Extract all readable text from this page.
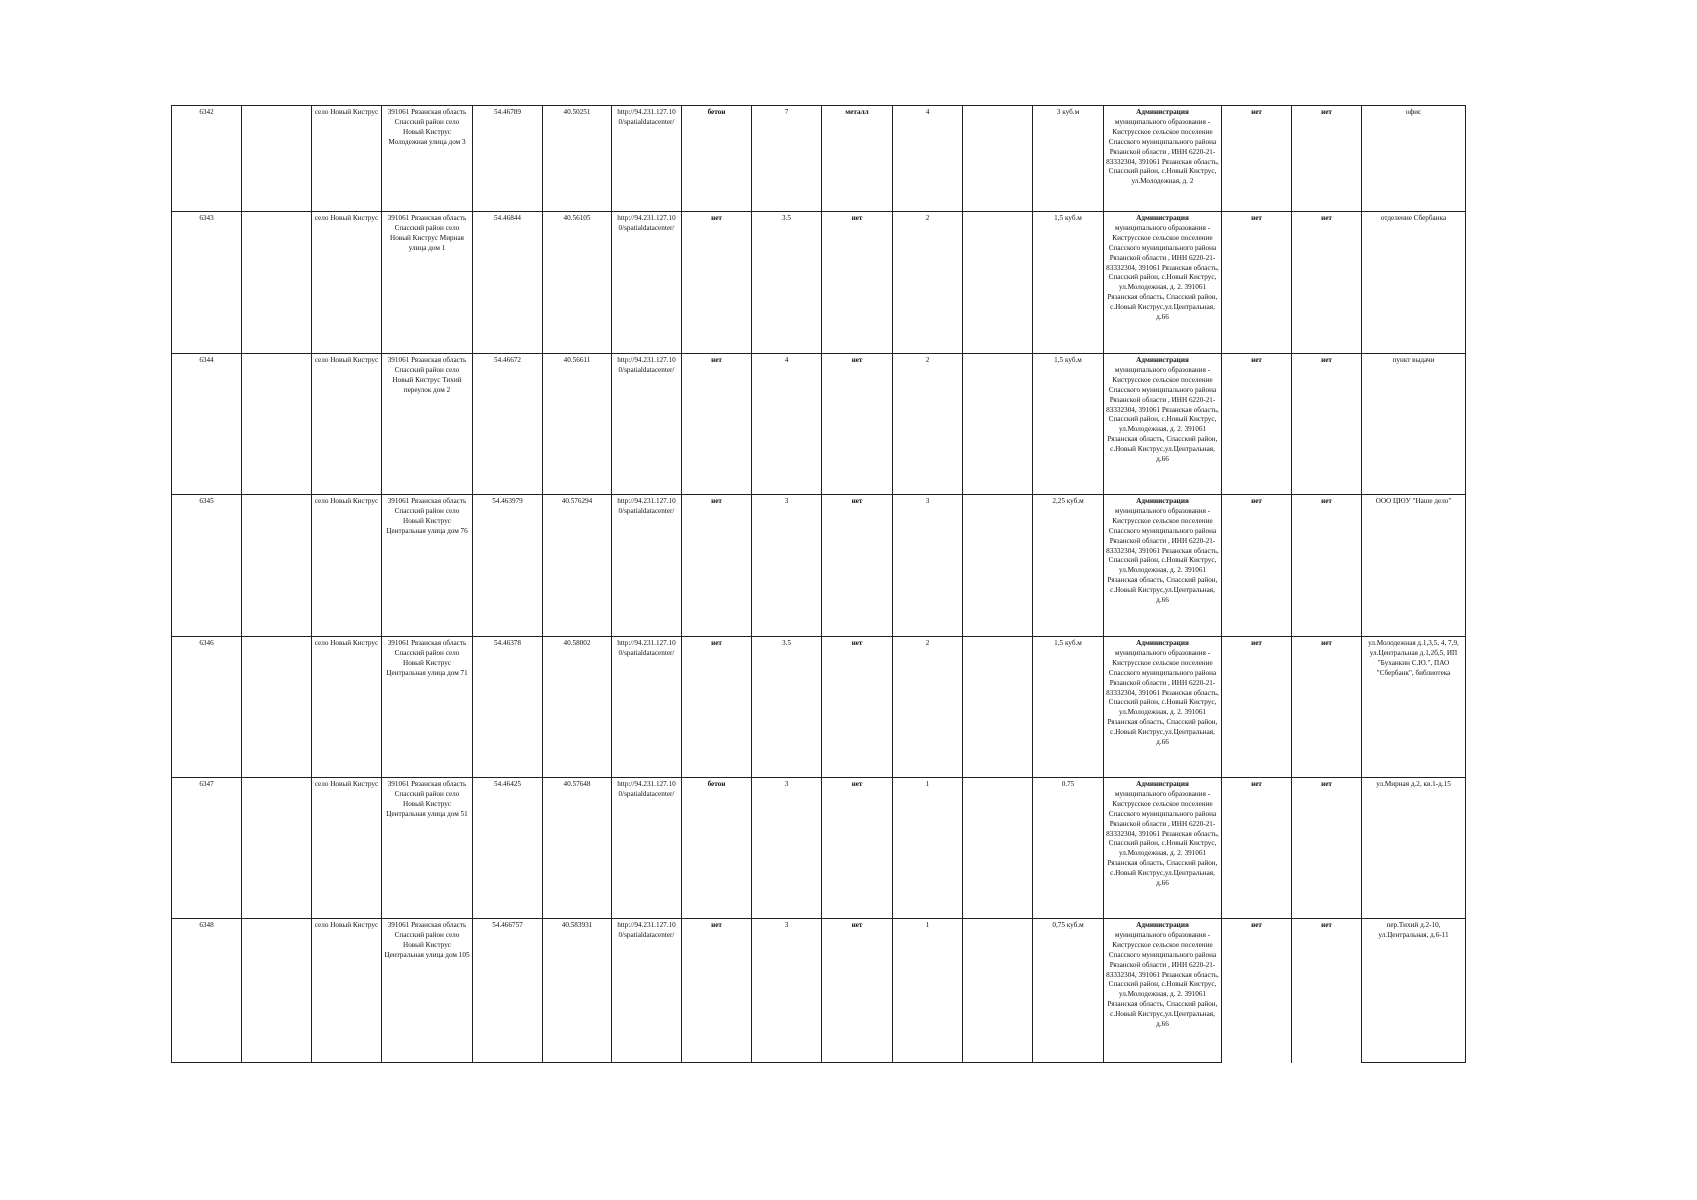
6342		село Новый Киструс	391061 Рязанская область Спасский район село Новый Киструс Молодежная улица дом 3	54.46789	40.50251	http://94.231.127.10 0/spatialdatacenter/	бетон	7	металл	4		3 куб.м	Администрация
муниципального образования - Киструсское сельское поселение Спасского муниципального района Рязанской области , ИНН 6220-21-83332304, 391061 Рязанская область, Спасский район, с.Новый Киструс, ул.Молодежная, д. 2	нет	нет	офис
6343		село Новый Киструс	391061 Рязанская область Спасский район село Новый Киструс Мирная улица дом 1	54.46844	40.56105	http://94.231.127.10 0/spatialdatacenter/	нет	3.5	нет	2		1,5 куб.м	Администрация
муниципального образования - Киструсское сельское поселение Спасского муниципального района Рязанской области , ИНН 6220-21-83332304, 391061 Рязанская область, Спасский район, с.Новый Киструс, ул.Молодежная, д. 2. 391061 Рязанская область, Спасский район, с.Новый Киструс,ул.Центральная, д.66	нет	нет	отделение Сбербанка
6344		село Новый Киструс	391061 Рязанская область Спасский район село Новый Киструс Тихий переулок дом 2	54.46672	40.56611	http://94.231.127.10 0/spatialdatacenter/	нет	4	нет	2		1,5 куб.м	Администрация
муниципального образования - Киструсское сельское поселение Спасского муниципального района Рязанской области , ИНН 6220-21-83332304, 391061 Рязанская область, Спасский район, с.Новый Киструс, ул.Молодежная, д. 2. 391061 Рязанская область, Спасский район, с.Новый Киструс,ул.Центральная, д.66	нет	нет	пункт выдачи
6345		село Новый Киструс	391061 Рязанская область Спасский район село Новый Киструс Центральная улица дом 76	54.463979	40.576294	http://94.231.127.10 0/spatialdatacenter/	нет	3	нет	3		2,25 куб.м	Администрация
муниципального образования - Киструсское сельское поселение Спасского муниципального района Рязанской области , ИНН 6220-21-83332304, 391061 Рязанская область, Спасский район, с.Новый Киструс, ул.Молодежная, д. 2. 391061 Рязанская область, Спасский район, с.Новый Киструс,ул.Центральная, д.66	нет	нет	ООО ЦЮУ "Наше дело"
6346		село Новый Киструс	391061 Рязанская область Спасский район село Новый Киструс Центральная улица дом 71	54.46378	40.58002	http://94.231.127.10 0/spatialdatacenter/	нет	3.5	нет	2		1,5 куб.м	Администрация
муниципального образования - Киструсское сельское поселение Спасского муниципального района Рязанской области , ИНН 6220-21-83332304, 391061 Рязанская область, Спасский район, с.Новый Киструс, ул.Молодежная, д. 2. 391061 Рязанская область, Спасский район, с.Новый Киструс,ул.Центральная, д.66	нет	нет	ул.Молодежная д.1,3,5, 4, 7,9, ул.Центральная д.1,2б,5, ИП "Буханкин С.Ю.", ПАО "Сбербанк", библиотека
6347		село Новый Киструс	391061 Рязанская область Спасский район село Новый Киструс Центральная улица дом 51	54.46425	40.57648	http://94.231.127.10 0/spatialdatacenter/	бетон	3	нет	1		0.75	Администрация
муниципального образования - Киструсское сельское поселение Спасского муниципального района Рязанской области , ИНН 6220-21-83332304, 391061 Рязанская область, Спасский район, с.Новый Киструс, ул.Молодежная, д. 2. 391061 Рязанская область, Спасский район, с.Новый Киструс,ул.Центральная, д.66	нет	нет	ул.Мирная д.2, кв.1-д.15
6348		село Новый Киструс	391061 Рязанская область Спасский район село Новый Киструс Центральная улица дом 105	54.466757	40.583931	http://94.231.127.10 0/spatialdatacenter/	нет	3	нет	1		0,75 куб.м	Администрация
муниципального образования - Киструсское сельское поселение Спасского муниципального района Рязанской области , ИНН 6220-21-83332304, 391061 Рязанская область, Спасский район, с.Новый Киструс, ул.Молодежная, д. 2. 391061 Рязанская область, Спасский район, с.Новый Киструс,ул.Центральная, д.66	нет	нет	пер.Тихий д.2-10, ул.Центральная, д.6-11
